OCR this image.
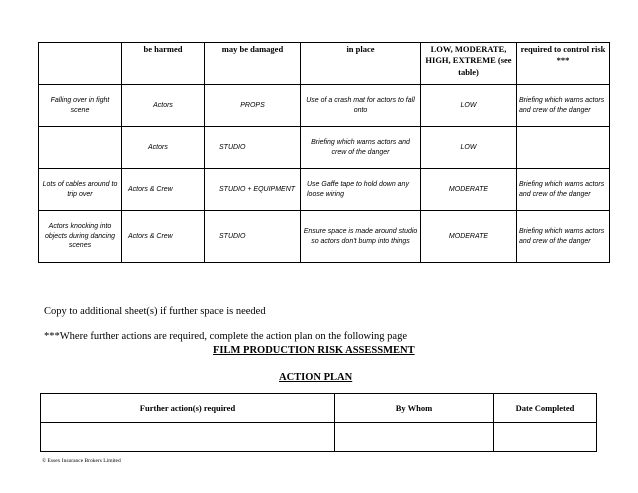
	be harmed	may be damaged	in place	LOW, MODERATE, HIGH, EXTREME (see table)	required to control risk ***
Falling over in fight scene	Actors	PROPS	Use of a crash mat for actors to fall onto	LOW	Briefing which warns actors and crew of the danger
	Actors	STUDIO	Briefing which warns actors and crew of the danger	LOW	
Lots of cables around to trip over	Actors & Crew	STUDIO + EQUIPMENT	Use Gaffe tape to hold down any loose wiring	MODERATE	Briefing which warns actors and crew of the danger
Actors knocking into objects during dancing scenes	Actors & Crew	STUDIO	Ensure space is made around studio so actors don't bump into things	MODERATE	Briefing which warns actors and crew of the danger
Copy to additional sheet(s) if further space is needed
***Where further actions are required, complete the action plan on the following page
FILM PRODUCTION RISK ASSESSMENT
ACTION PLAN
Further action(s) required	By Whom	Date Completed

© Essex Insurance Brokers Limited
